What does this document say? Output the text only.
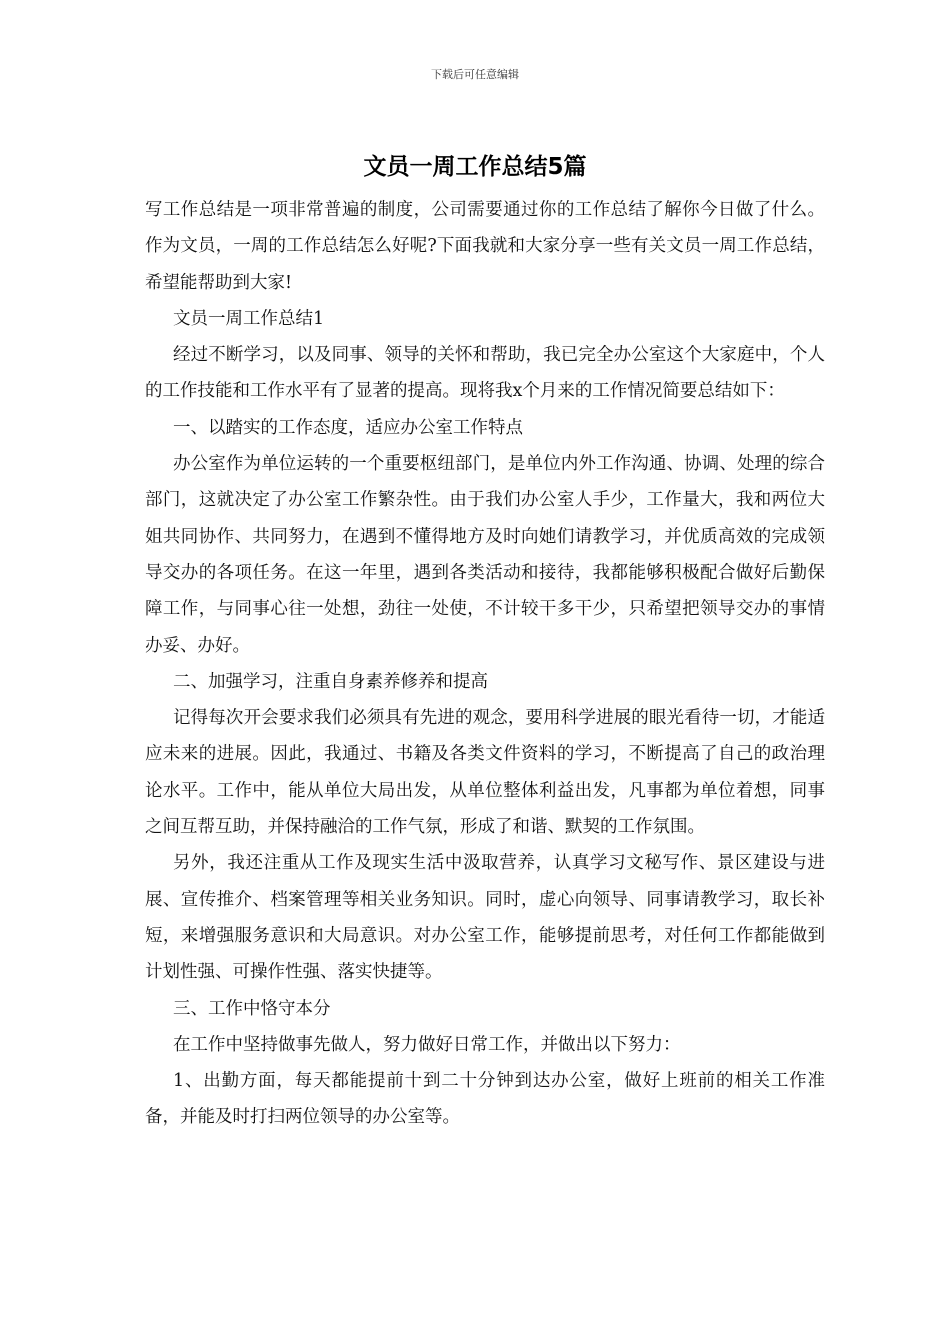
下载后可任意编辑
文员一周工作总结5篇

写工作总结是一项非常普遍的制度，公司需要通过你的工作总结了解你今日做了什么。作为文员，一周的工作总结怎么好呢?下面我就和大家分享一些有关文员一周工作总结，希望能帮助到大家!

文员一周工作总结1

经过不断学习，以及同事、领导的关怀和帮助，我已完全办公室这个大家庭中，个人的工作技能和工作水平有了显著的提高。现将我x个月来的工作情况简要总结如下：

一、以踏实的工作态度，适应办公室工作特点

办公室作为单位运转的一个重要枢纽部门，是单位内外工作沟通、协调、处理的综合部门，这就决定了办公室工作繁杂性。由于我们办公室人手少，工作量大，我和两位大姐共同协作、共同努力，在遇到不懂得地方及时向她们请教学习，并优质高效的完成领导交办的各项任务。在这一年里，遇到各类活动和接待，我都能够积极配合做好后勤保障工作，与同事心往一处想，劲往一处使，不计较干多干少，只希望把领导交办的事情办妥、办好。

二、加强学习，注重自身素养修养和提高

记得每次开会要求我们必须具有先进的观念，要用科学进展的眼光看待一切，才能适应未来的进展。因此，我通过、书籍及各类文件资料的学习，不断提高了自己的政治理论水平。工作中，能从单位大局出发，从单位整体利益出发，凡事都为单位着想，同事之间互帮互助，并保持融洽的工作气氛，形成了和谐、默契的工作氛围。

另外，我还注重从工作及现实生活中汲取营养，认真学习文秘写作、景区建设与进展、宣传推介、档案管理等相关业务知识。同时，虚心向领导、同事请教学习，取长补短，来增强服务意识和大局意识。对办公室工作，能够提前思考，对任何工作都能做到计划性强、可操作性强、落实快捷等。

三、工作中恪守本分

在工作中坚持做事先做人，努力做好日常工作，并做出以下努力：

1、出勤方面，每天都能提前十到二十分钟到达办公室，做好上班前的相关工作准备，并能及时打扫两位领导的办公室等。
